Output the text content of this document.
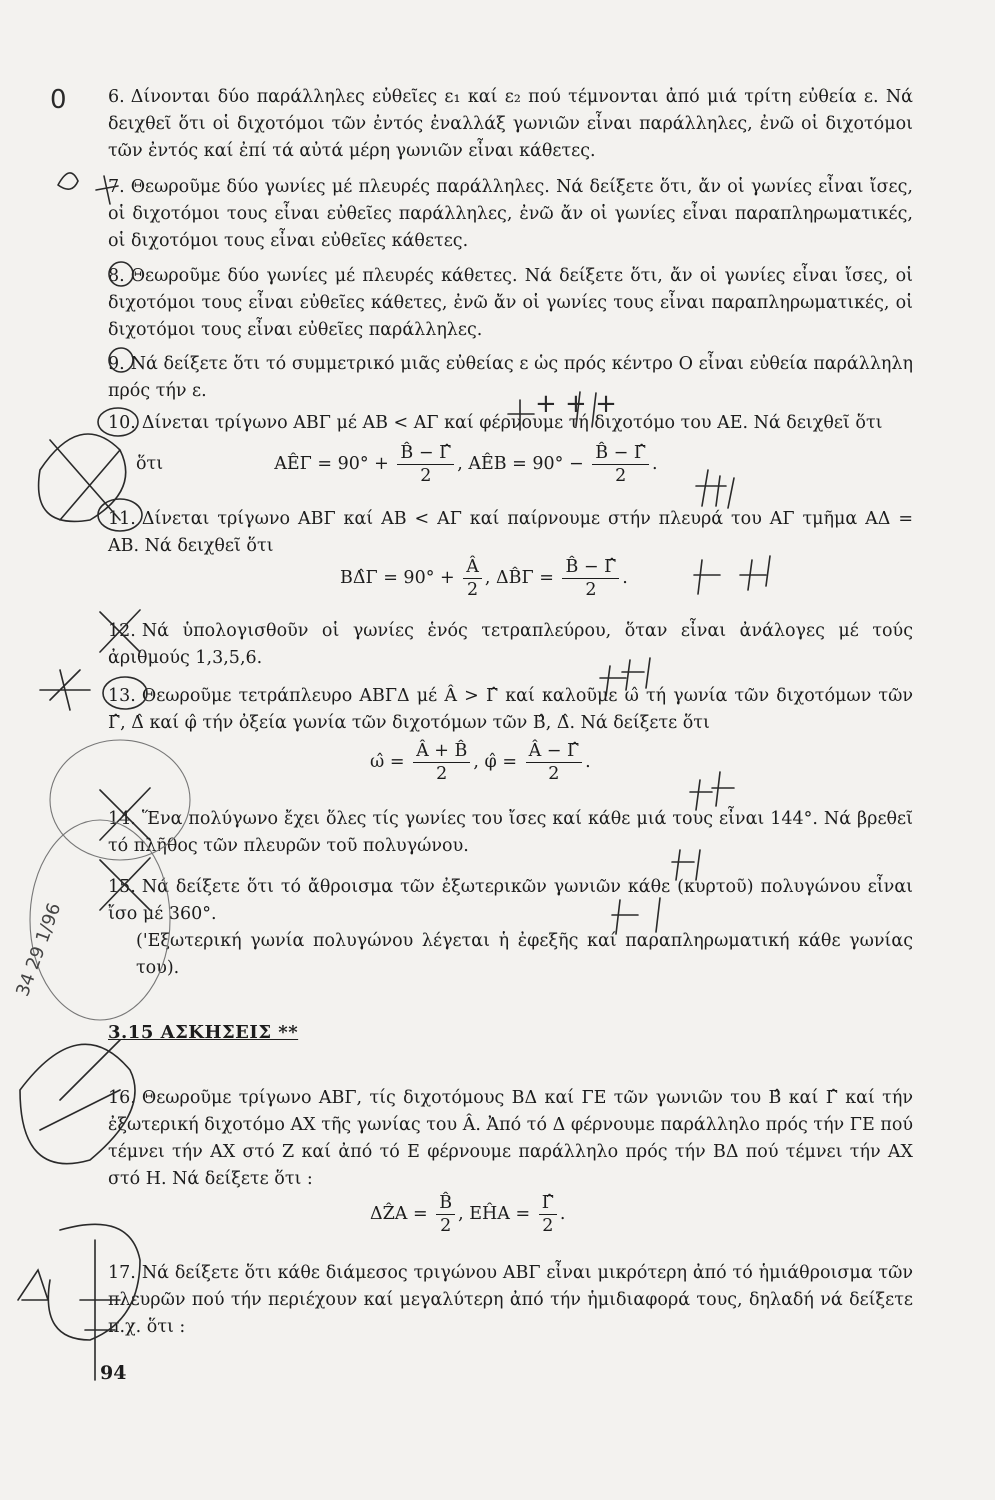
6. Δίνονται δύο παράλληλες εὐθεῖες ε₁ καί ε₂ πού τέμνονται ἀπό μιά τρίτη εὐθεία ε. Νά δειχθεῖ ὅτι οἱ διχοτόμοι τῶν ἐντός ἐναλλάξ γωνιῶν εἶναι παράλληλες, ἐνῶ οἱ διχοτόμοι τῶν ἐντός καί ἐπί τά αὐτά μέρη γωνιῶν εἶναι κάθετες.
7. Θεωροῦμε δύο γωνίες μέ πλευρές παράλληλες. Νά δείξετε ὅτι, ἄν οἱ γωνίες εἶναι ἴσες, οἱ διχοτόμοι τους εἶναι εὐθεῖες παράλληλες, ἐνῶ ἄν οἱ γωνίες εἶναι παραπληρωματικές, οἱ διχοτόμοι τους εἶναι εὐθεῖες κάθετες.
8. Θεωροῦμε δύο γωνίες μέ πλευρές κάθετες. Νά δείξετε ὅτι, ἄν οἱ γωνίες εἶναι ἴσες, οἱ διχοτόμοι τους εἶναι εὐθεῖες κάθετες, ἐνῶ ἄν οἱ γωνίες τους εἶναι παραπληρωματικές, οἱ διχοτόμοι τους εἶναι εὐθεῖες παράλληλες.
9. Νά δείξετε ὅτι τό συμμετρικό μιᾶς εὐθείας ε ὡς πρός κέντρο Ο εἶναι εὐθεία παράλληλη πρός τήν ε.
10. Δίνεται τρίγωνο ΑΒΓ μέ ΑΒ < ΑΓ καί φέρνουμε τή διχοτόμο του ΑΕ. Νά δειχθεῖ ὅτι
ὅτι	ΑÊΓ = $90^\circ + \frac{B̂ - \Gammâ}{2}$ , ΑÊΒ = $90^\circ - \frac{B̂ - \Gammâ}{2}$ .
11. Δίνεται τρίγωνο ΑΒΓ καί ΑΒ < ΑΓ καί παίρνουμε στήν πλευρά του ΑΓ τμῆμα ΑΔ = ΑΒ. Νά δειχθεῖ ὅτι
ΒΔ̂Γ = $90^\circ + \frac{Â}{2}$ , ΔB̂Γ = $\frac{B̂ - \Gammâ}{2}$ .
12. Νά ὑπολογισθοῦν οἱ γωνίες ἑνός τετραπλεύρου, ὅταν εἶναι ἀνάλογες μέ τούς ἀριθμούς 1,3,5,6.
13. Θεωροῦμε τετράπλευρο ΑΒΓΔ μέ Â > Γ̂ καί καλοῦμε ω̂ τή γωνία τῶν διχοτόμων τῶν Γ̂, Δ̂ καί φ̂ τήν ὀξεία γωνία τῶν διχοτόμων τῶν Β̂, Δ̂. Νά δείξετε ὅτι
ω̂ = $\frac{Â + B̂}{2}$ , φ̂ = $\frac{Â - \Gammâ}{2}$ .
14. Ἕνα πολύγωνο ἔχει ὅλες τίς γωνίες του ἴσες καί κάθε μιά τους εἶναι 144°. Νά βρεθεῖ τό πλῆθος τῶν πλευρῶν τοῦ πολυγώνου.
15. Νά δείξετε ὅτι τό ἄθροισμα τῶν ἐξωτερικῶν γωνιῶν κάθε (κυρτοῦ) πολυγώνου εἶναι ἴσο μέ 360°.
('Εξωτερική γωνία πολυγώνου λέγεται ἡ ἐφεξῆς καί παραπληρωματική κάθε γωνίας του).
3.15 ΑΣΚΗΣΕΙΣ **
16. Θεωροῦμε τρίγωνο ΑΒΓ, τίς διχοτόμους ΒΔ καί ΓΕ τῶν γωνιῶν του Β̂ καί Γ̂ καί τήν ἐξωτερική διχοτόμο ΑΧ τῆς γωνίας του Â. Ἀπό τό Δ φέρνουμε παράλληλο πρός τήν ΓΕ πού τέμνει τήν ΑΧ στό Ζ καί ἀπό τό Ε φέρνουμε παράλληλο πρός τήν ΒΔ πού τέμνει τήν ΑΧ στό Η. Νά δείξετε ὅτι :
ΔẐΑ = $\frac{B̂}{2}$ , ΕĤΑ = $\frac{\Gammâ}{2}$ .
17. Νά δείξετε ὅτι κάθε διάμεσος τριγώνου ΑΒΓ εἶναι μικρότερη ἀπό τό ἡμιάθροισμα τῶν πλευρῶν πού τήν περιέχουν καί μεγαλύτερη ἀπό τήν ἡμιδιαφορά τους, δηλαδή νά δείξετε π.χ. ὅτι :
94
0
34 29 1/96
+ + +
